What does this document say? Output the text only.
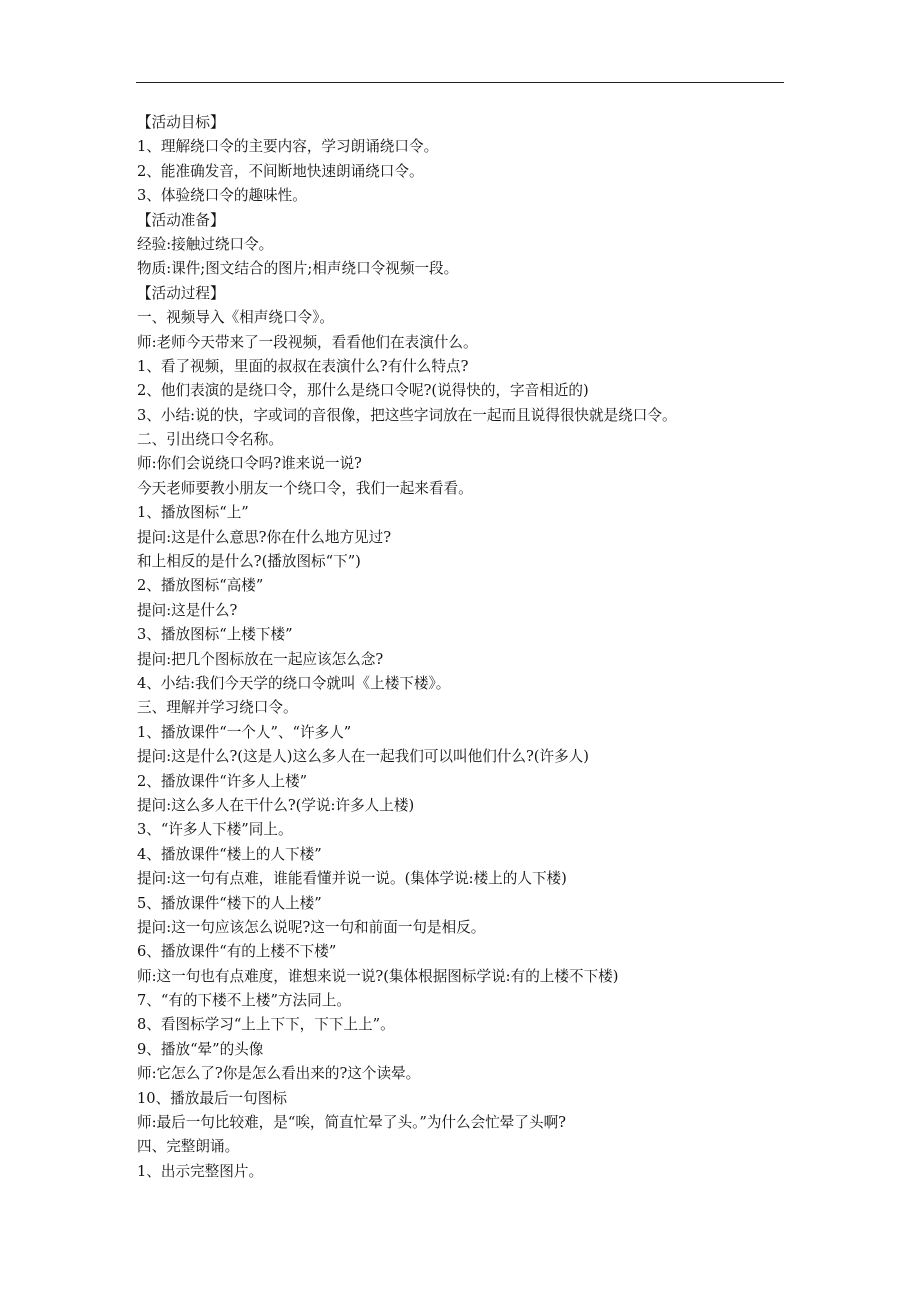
【活动目标】
1、理解绕口令的主要内容，学习朗诵绕口令。
2、能准确发音，不间断地快速朗诵绕口令。
3、体验绕口令的趣味性。
【活动准备】
经验:接触过绕口令。
物质:课件;图文结合的图片;相声绕口令视频一段。
【活动过程】
一、视频导入《相声绕口令》。
师:老师今天带来了一段视频，看看他们在表演什么。
1、看了视频，里面的叔叔在表演什么?有什么特点?
2、他们表演的是绕口令，那什么是绕口令呢?(说得快的，字音相近的)
3、小结:说的快，字或词的音很像，把这些字词放在一起而且说得很快就是绕口令。
二、引出绕口令名称。
师:你们会说绕口令吗?谁来说一说?
今天老师要教小朋友一个绕口令，我们一起来看看。
1、播放图标“上”
提问:这是什么意思?你在什么地方见过?
和上相反的是什么?(播放图标“下”)
2、播放图标“高楼”
提问:这是什么?
3、播放图标“上楼下楼”
提问:把几个图标放在一起应该怎么念?
4、小结:我们今天学的绕口令就叫《上楼下楼》。
三、理解并学习绕口令。
1、播放课件“一个人”、“许多人”
提问:这是什么?(这是人)这么多人在一起我们可以叫他们什么?(许多人)
2、播放课件“许多人上楼”
提问:这么多人在干什么?(学说:许多人上楼)
3、“许多人下楼”同上。
4、播放课件“楼上的人下楼”
提问:这一句有点难，谁能看懂并说一说。(集体学说:楼上的人下楼)
5、播放课件“楼下的人上楼”
提问:这一句应该怎么说呢?这一句和前面一句是相反。
6、播放课件“有的上楼不下楼”
师:这一句也有点难度，谁想来说一说?(集体根据图标学说:有的上楼不下楼)
7、“有的下楼不上楼”方法同上。
8、看图标学习“上上下下，下下上上”。
9、播放“晕”的头像
师:它怎么了?你是怎么看出来的?这个读晕。
10、播放最后一句图标
师:最后一句比较难，是“唉，简直忙晕了头。”为什么会忙晕了头啊?
四、完整朗诵。
1、出示完整图片。
